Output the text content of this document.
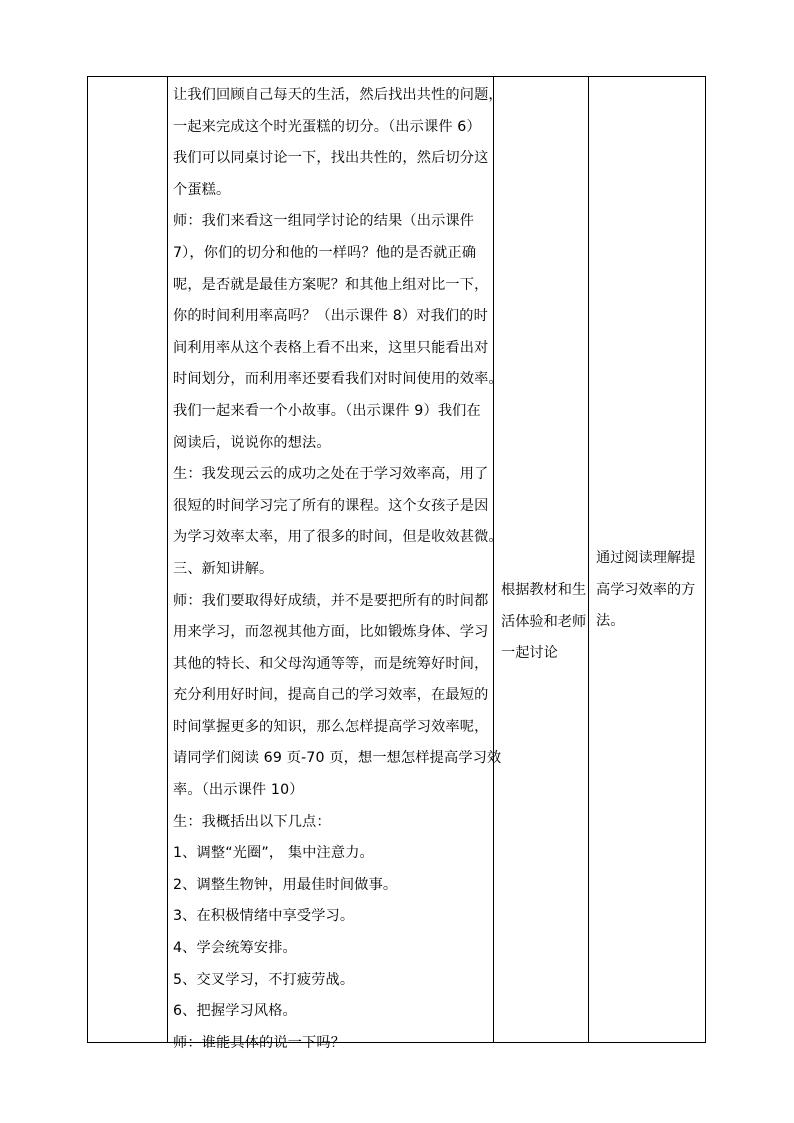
让我们回顾自己每天的生活，然后找出共性的问题，
一起来完成这个时光蛋糕的切分。（出示课件 6）
我们可以同桌讨论一下，找出共性的，然后切分这
个蛋糕。
师：我们来看这一组同学讨论的结果（出示课件
7），你们的切分和他的一样吗？他的是否就正确
呢，是否就是最佳方案呢？和其他上组对比一下，
你的时间利用率高吗？（出示课件 8）对我们的时
间利用率从这个表格上看不出来，这里只能看出对
时间划分，而利用率还要看我们对时间使用的效率。
我们一起来看一个小故事。（出示课件 9）我们在
阅读后，说说你的想法。
生：我发现云云的成功之处在于学习效率高，用了
很短的时间学习完了所有的课程。这个女孩子是因
为学习效率太率，用了很多的时间，但是收效甚微。
三、新知讲解。
师：我们要取得好成绩，并不是要把所有的时间都
用来学习，而忽视其他方面，比如锻炼身体、学习
其他的特长、和父母沟通等等，而是统筹好时间，
充分利用好时间，提高自己的学习效率，在最短的
时间掌握更多的知识，那么怎样提高学习效率呢，
请同学们阅读 69 页-70 页，想一想怎样提高学习效
率。（出示课件 10）
生：我概括出以下几点：
1、调整“光圈”， 集中注意力。
2、调整生物钟，用最佳时间做事。
3、在积极情绪中享受学习。
4、学会统筹安排。
5、交叉学习，不打疲劳战。
6、把握学习风格。
师：谁能具体的说一下吗？
根据教材和生
活体验和老师
一起讨论
通过阅读理解提
高学习效率的方
法。
